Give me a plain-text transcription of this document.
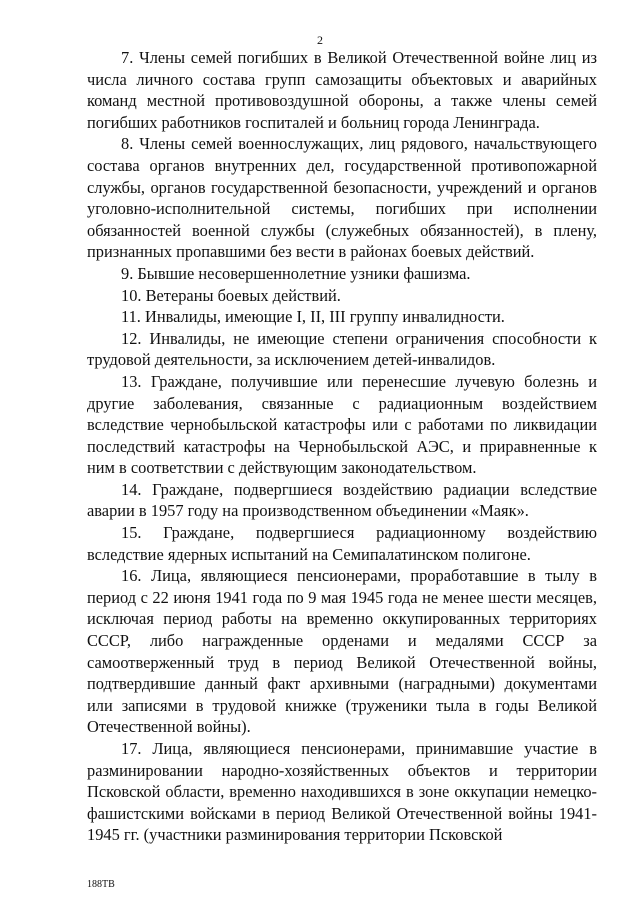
2

7. Члены семей погибших в Великой Отечественной войне лиц из числа личного состава групп самозащиты объектовых и аварийных команд местной противовоздушной обороны, а также члены семей погибших работников госпиталей и больниц города Ленинграда.

8. Члены семей военнослужащих, лиц рядового, начальствующего состава органов внутренних дел, государственной противопожарной службы, органов государственной безопасности, учреждений и органов уголовно-исполнительной системы, погибших при исполнении обязанностей военной службы (служебных обязанностей), в плену, признанных пропавшими без вести в районах боевых действий.

9. Бывшие несовершеннолетние узники фашизма.

10. Ветераны боевых действий.

11. Инвалиды, имеющие I, II, III группу инвалидности.

12. Инвалиды, не имеющие степени ограничения способности к трудовой деятельности, за исключением детей-инвалидов.

13. Граждане, получившие или перенесшие лучевую болезнь и другие заболевания, связанные с радиационным воздействием вследствие чернобыльской катастрофы или с работами по ликвидации последствий катастрофы на Чернобыльской АЭС, и приравненные к ним в соответствии с действующим законодательством.

14. Граждане, подвергшиеся воздействию радиации вследствие аварии в 1957 году на производственном объединении «Маяк».

15. Граждане, подвергшиеся радиационному воздействию вследствие ядерных испытаний на Семипалатинском полигоне.

16. Лица, являющиеся пенсионерами, проработавшие в тылу в период с 22 июня 1941 года по 9 мая 1945 года не менее шести месяцев, исключая период работы на временно оккупированных территориях СССР, либо награжденные орденами и медалями СССР за самоотверженный труд в период Великой Отечественной войны, подтвердившие данный факт архивными (наградными) документами или записями в трудовой книжке (труженики тыла в годы Великой Отечественной войны).

17. Лица, являющиеся пенсионерами, принимавшие участие в разминировании народно-хозяйственных объектов и территории Псковской области, временно находившихся в зоне оккупации немецко-фашистскими войсками в период Великой Отечественной войны 1941-1945 гг. (участники разминирования территории Псковской

188ТВ
